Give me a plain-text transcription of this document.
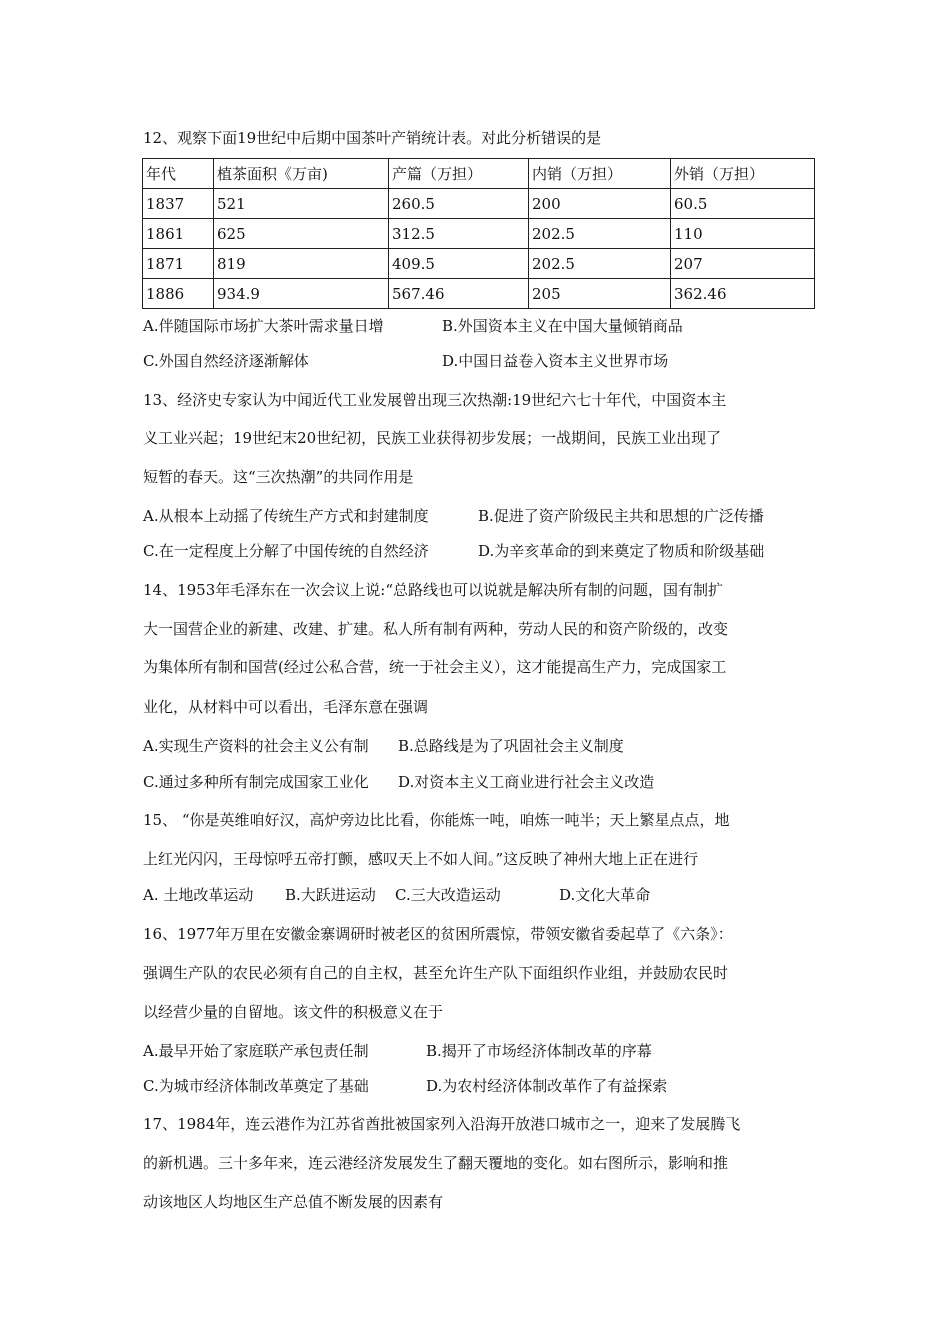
12、观察下面19世纪中后期中国茶叶产销统计表。对此分析错误的是
年代	植茶面积《万亩)	产篇（万担）	内销（万担）	外销（万担）
1837	521	260.5	200	60.5
1861	625	312.5	202.5	110
1871	819	409.5	202.5	207
1886	934.9	567.46	205	362.46
A.伴随国际市场扩大茶叶需求量日增	B.外国资本主义在中国大量倾销商品
C.外国自然经济逐渐解体	D.中国日益卷入资本主义世界市场
13、经济史专家认为中闻近代工业发展曾出现三次热潮:19世纪六七十年代，中国资本主
义工业兴起；19世纪末20世纪初，民族工业获得初步发展；一战期间，民族工业出现了
短暂的春天。这“三次热潮”的共同作用是
A.从根本上动摇了传统生产方式和封建制度	B.促进了资产阶级民主共和思想的广泛传播
C.在一定程度上分解了中国传统的自然经济	D.为辛亥革命的到来奠定了物质和阶级基础
14、1953年毛泽东在一次会议上说:“总路线也可以说就是解决所有制的问题，国有制扩
大一国营企业的新建、改建、扩建。私人所有制有两种，劳动人民的和资产阶级的，改变
为集体所有制和国营(经过公私合营，统一于社会主义），这才能提高生产力，完成国家工
业化，从材料中可以看出，毛泽东意在强调
A.实现生产资料的社会主义公有制 B.总路线是为了巩固社会主义制度
C.通过多种所有制完成国家工业化 D.对资本主义工商业进行社会主义改造
15、 “你是英维咱好汉，高炉旁边比比看，你能炼一吨，咱炼一吨半；天上繁星点点，地
上红光闪闪，王母惊呼五帝打颤，感叹天上不如人间。”这反映了神州大地上正在进行
A. 土地改革运动 B.大跃进运动 C.三大改造运动	D.文化大革命
16、1977年万里在安徽金寨调研时被老区的贫困所震惊，带领安徽省委起草了《六条》：
强调生产队的农民必须有自己的自主权，甚至允许生产队下面组织作业组，并鼓励农民时
以经营少量的自留地。该文件的积极意义在于
A.最早开始了家庭联产承包责任制	B.揭开了市场经济体制改革的序幕
C.为城市经济体制改革奠定了基础	D.为农村经济体制改革作了有益探索
17、1984年，连云港作为江苏省酋批被国家列入沿海开放港口城市之一，迎来了发展腾飞
的新机遇。三十多年来，连云港经济发展发生了翻天覆地的变化。如右图所示，影响和推
动该地区人均地区生产总值不断发展的因素有
